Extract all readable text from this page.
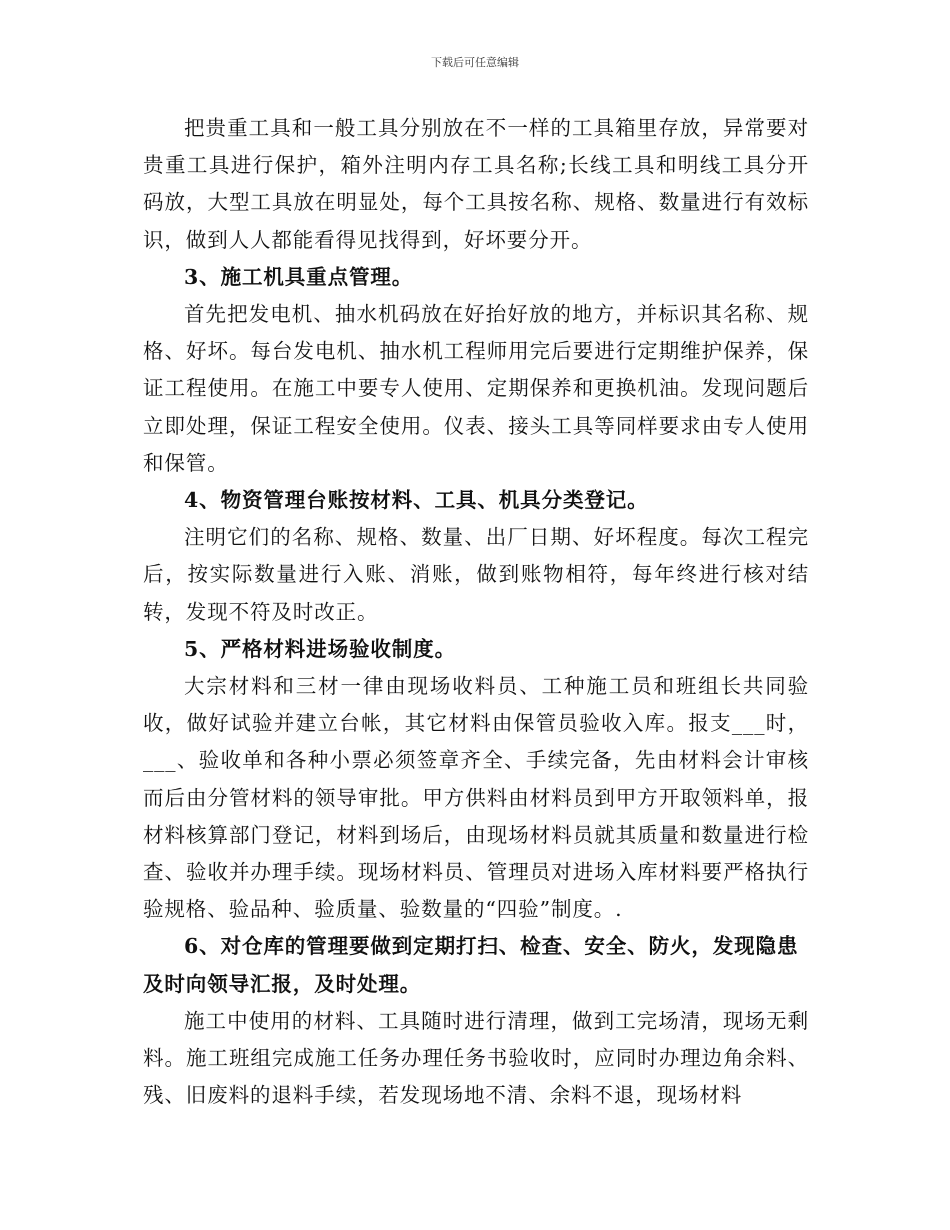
下载后可任意编辑

把贵重工具和一般工具分别放在不一样的工具箱里存放，异常要对贵重工具进行保护，箱外注明内存工具名称;长线工具和明线工具分开码放，大型工具放在明显处，每个工具按名称、规格、数量进行有效标识，做到人人都能看得见找得到，好坏要分开。

3、施工机具重点管理。

首先把发电机、抽水机码放在好抬好放的地方，并标识其名称、规格、好坏。每台发电机、抽水机工程师用完后要进行定期维护保养，保证工程使用。在施工中要专人使用、定期保养和更换机油。发现问题后立即处理，保证工程安全使用。仪表、接头工具等同样要求由专人使用和保管。

4、物资管理台账按材料、工具、机具分类登记。

注明它们的名称、规格、数量、出厂日期、好坏程度。每次工程完后，按实际数量进行入账、消账，做到账物相符，每年终进行核对结转，发现不符及时改正。

5、严格材料进场验收制度。

大宗材料和三材一律由现场收料员、工种施工员和班组长共同验收，做好试验并建立台帐，其它材料由保管员验收入库。报支___时，___、验收单和各种小票必须签章齐全、手续完备，先由材料会计审核而后由分管材料的领导审批。甲方供料由材料员到甲方开取领料单，报材料核算部门登记，材料到场后，由现场材料员就其质量和数量进行检查、验收并办理手续。现场材料员、管理员对进场入库材料要严格执行验规格、验品种、验质量、验数量的“四验”制度。.

6、对仓库的管理要做到定期打扫、检查、安全、防火，发现隐患及时向领导汇报，及时处理。

施工中使用的材料、工具随时进行清理，做到工完场清，现场无剩料。施工班组完成施工任务办理任务书验收时，应同时办理边角余料、残、旧废料的退料手续，若发现场地不清、余料不退，现场材料
